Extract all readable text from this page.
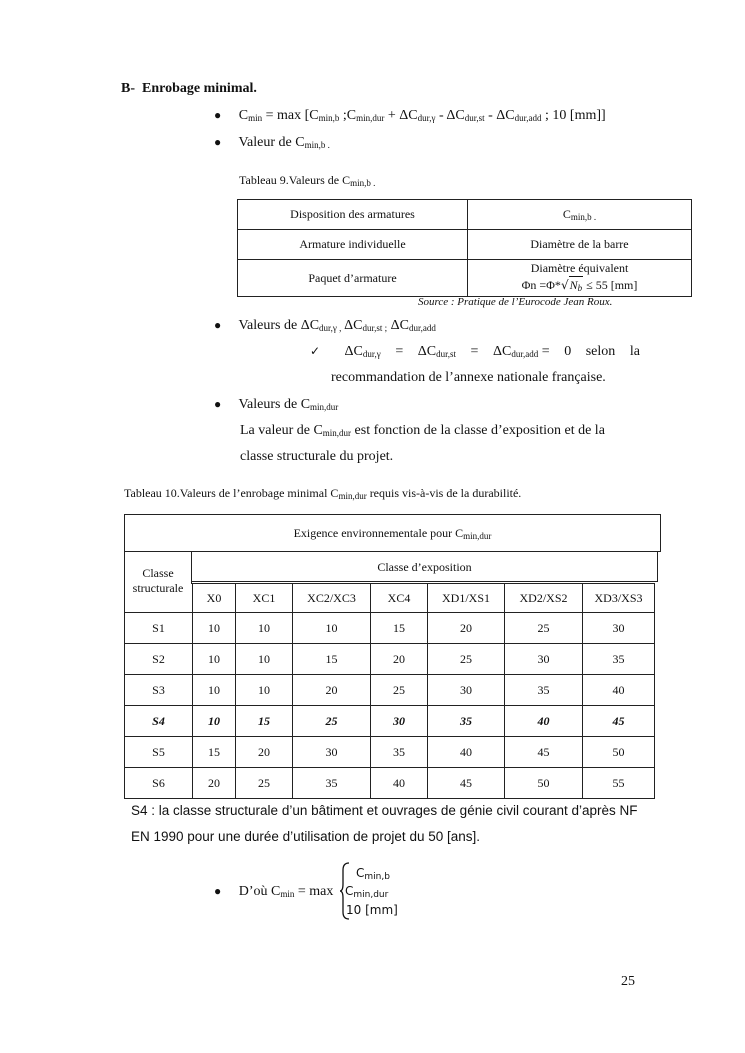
B- Enrobage minimal.
● $C_{min} = \max [C_{min,b}$ $;C_{min,dur} + \Delta C_{dur,\gamma} - \Delta C_{dur,st} - \Delta C_{dur,add}$ ; 10 [mm]]
● Valeur de $C_{min,b .}$
Tableau 9.Valeurs de $C_{min,b .}$
Disposition des armatures	$C_{min,b .}$
Armature individuelle	Diamètre de la barre
Paquet d’armature	Diamètre équivalent
$\Phi n =\Phi*√N_b \le 55$ [mm]
Source : Pratique de l’Eurocode Jean Roux.
● Valeurs de $\Delta C_{dur,\gamma ,}$ $\Delta C_{dur,st ;}$ $\Delta C_{dur,add}$
✓ $\Delta C_{dur,\gamma} = \Delta C_{dur,st} = \Delta C_{dur,add} = 0$ selon la
recommandation de l’annexe nationale française.
● Valeurs de $C_{min,dur}$
La valeur de $C_{min,dur}$ est fonction de la classe d’exposition et de la
classe structurale du projet.
Tableau 10.Valeurs de l’enrobage minimal $C_{min,dur}$ requis vis-à-vis de la durabilité.
Exigence environnementale pour $C_{min,dur}$
Classe
structurale
Classe d’exposition
	X0	XC1	XC2/XC3	XC4	XD1/XS1	XD2/XS2	XD3/XS3
S1	10	10	10	15	20	25	30
S2	10	10	15	20	25	30	35
S3	10	10	20	25	30	35	40
S4	10	15	25	30	35	40	45
S5	15	20	30	35	40	45	50
S6	20	25	35	40	45	50	55
S4 : la classe structurale d’un bâtiment et ouvrages de génie civil courant d’après NF
EN 1990 pour une durée d’utilisation de projet du 50 [ans].
● D’où $C_{min} = \max$
$C_{min,b}$
$C_{min,dur}$
10 [mm]
25
